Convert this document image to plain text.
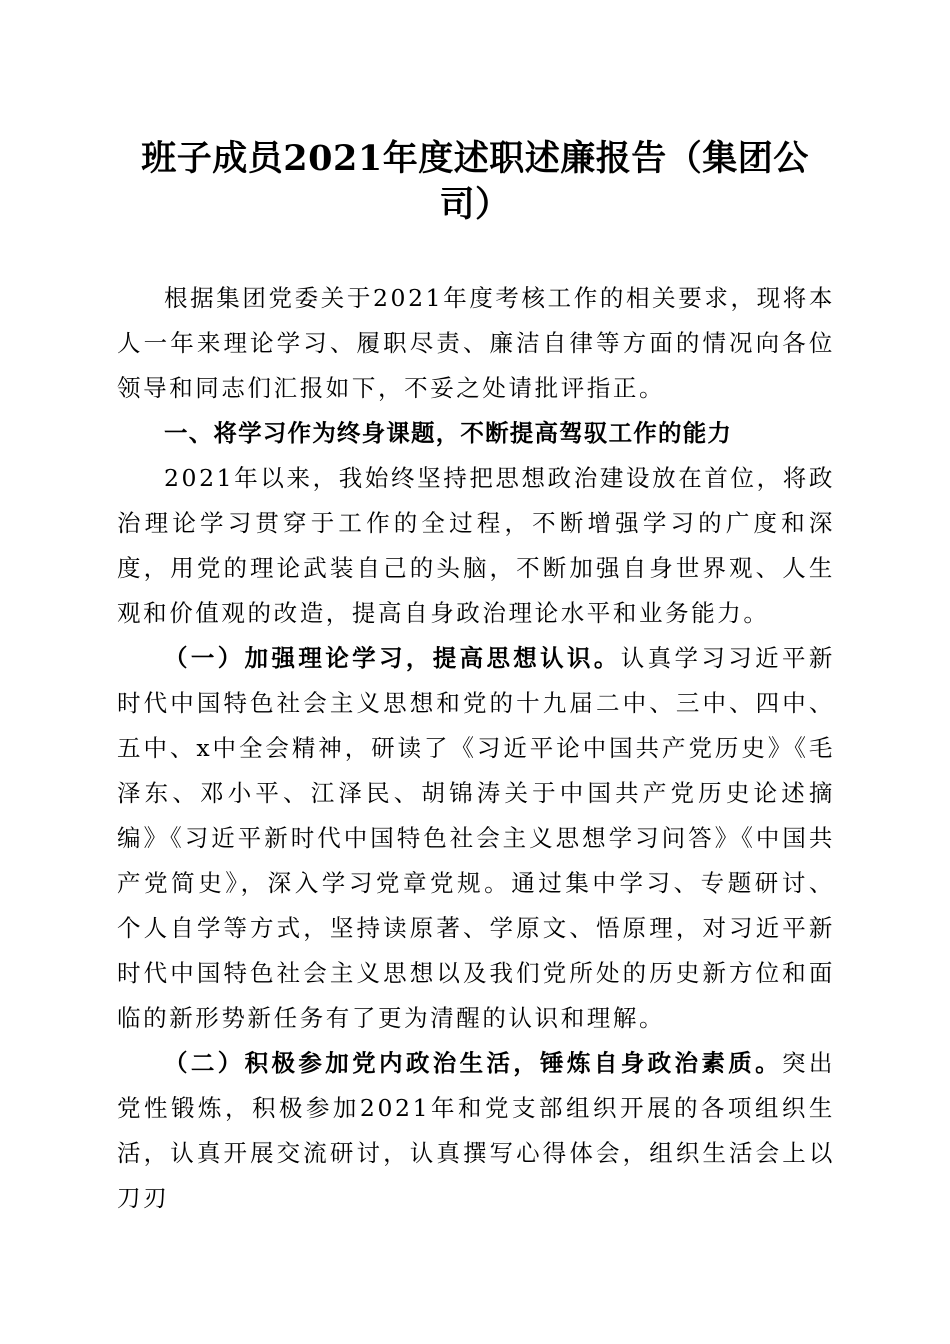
班子成员2021年度述职述廉报告（集团公
司）

根据集团党委关于2021年度考核工作的相关要求，现将本人一年来理论学习、履职尽责、廉洁自律等方面的情况向各位领导和同志们汇报如下，不妥之处请批评指正。

一、将学习作为终身课题，不断提高驾驭工作的能力

2021年以来，我始终坚持把思想政治建设放在首位，将政治理论学习贯穿于工作的全过程，不断增强学习的广度和深度，用党的理论武装自己的头脑，不断加强自身世界观、人生观和价值观的改造，提高自身政治理论水平和业务能力。

（一）加强理论学习，提高思想认识。认真学习习近平新时代中国特色社会主义思想和党的十九届二中、三中、四中、五中、x中全会精神，研读了《习近平论中国共产党历史》《毛泽东、邓小平、江泽民、胡锦涛关于中国共产党历史论述摘编》《习近平新时代中国特色社会主义思想学习问答》《中国共产党简史》，深入学习党章党规。通过集中学习、专题研讨、个人自学等方式，坚持读原著、学原文、悟原理，对习近平新时代中国特色社会主义思想以及我们党所处的历史新方位和面临的新形势新任务有了更为清醒的认识和理解。

（二）积极参加党内政治生活，锤炼自身政治素质。突出党性锻炼，积极参加2021年和党支部组织开展的各项组织生活，认真开展交流研讨，认真撰写心得体会，组织生活会上以刀刃
